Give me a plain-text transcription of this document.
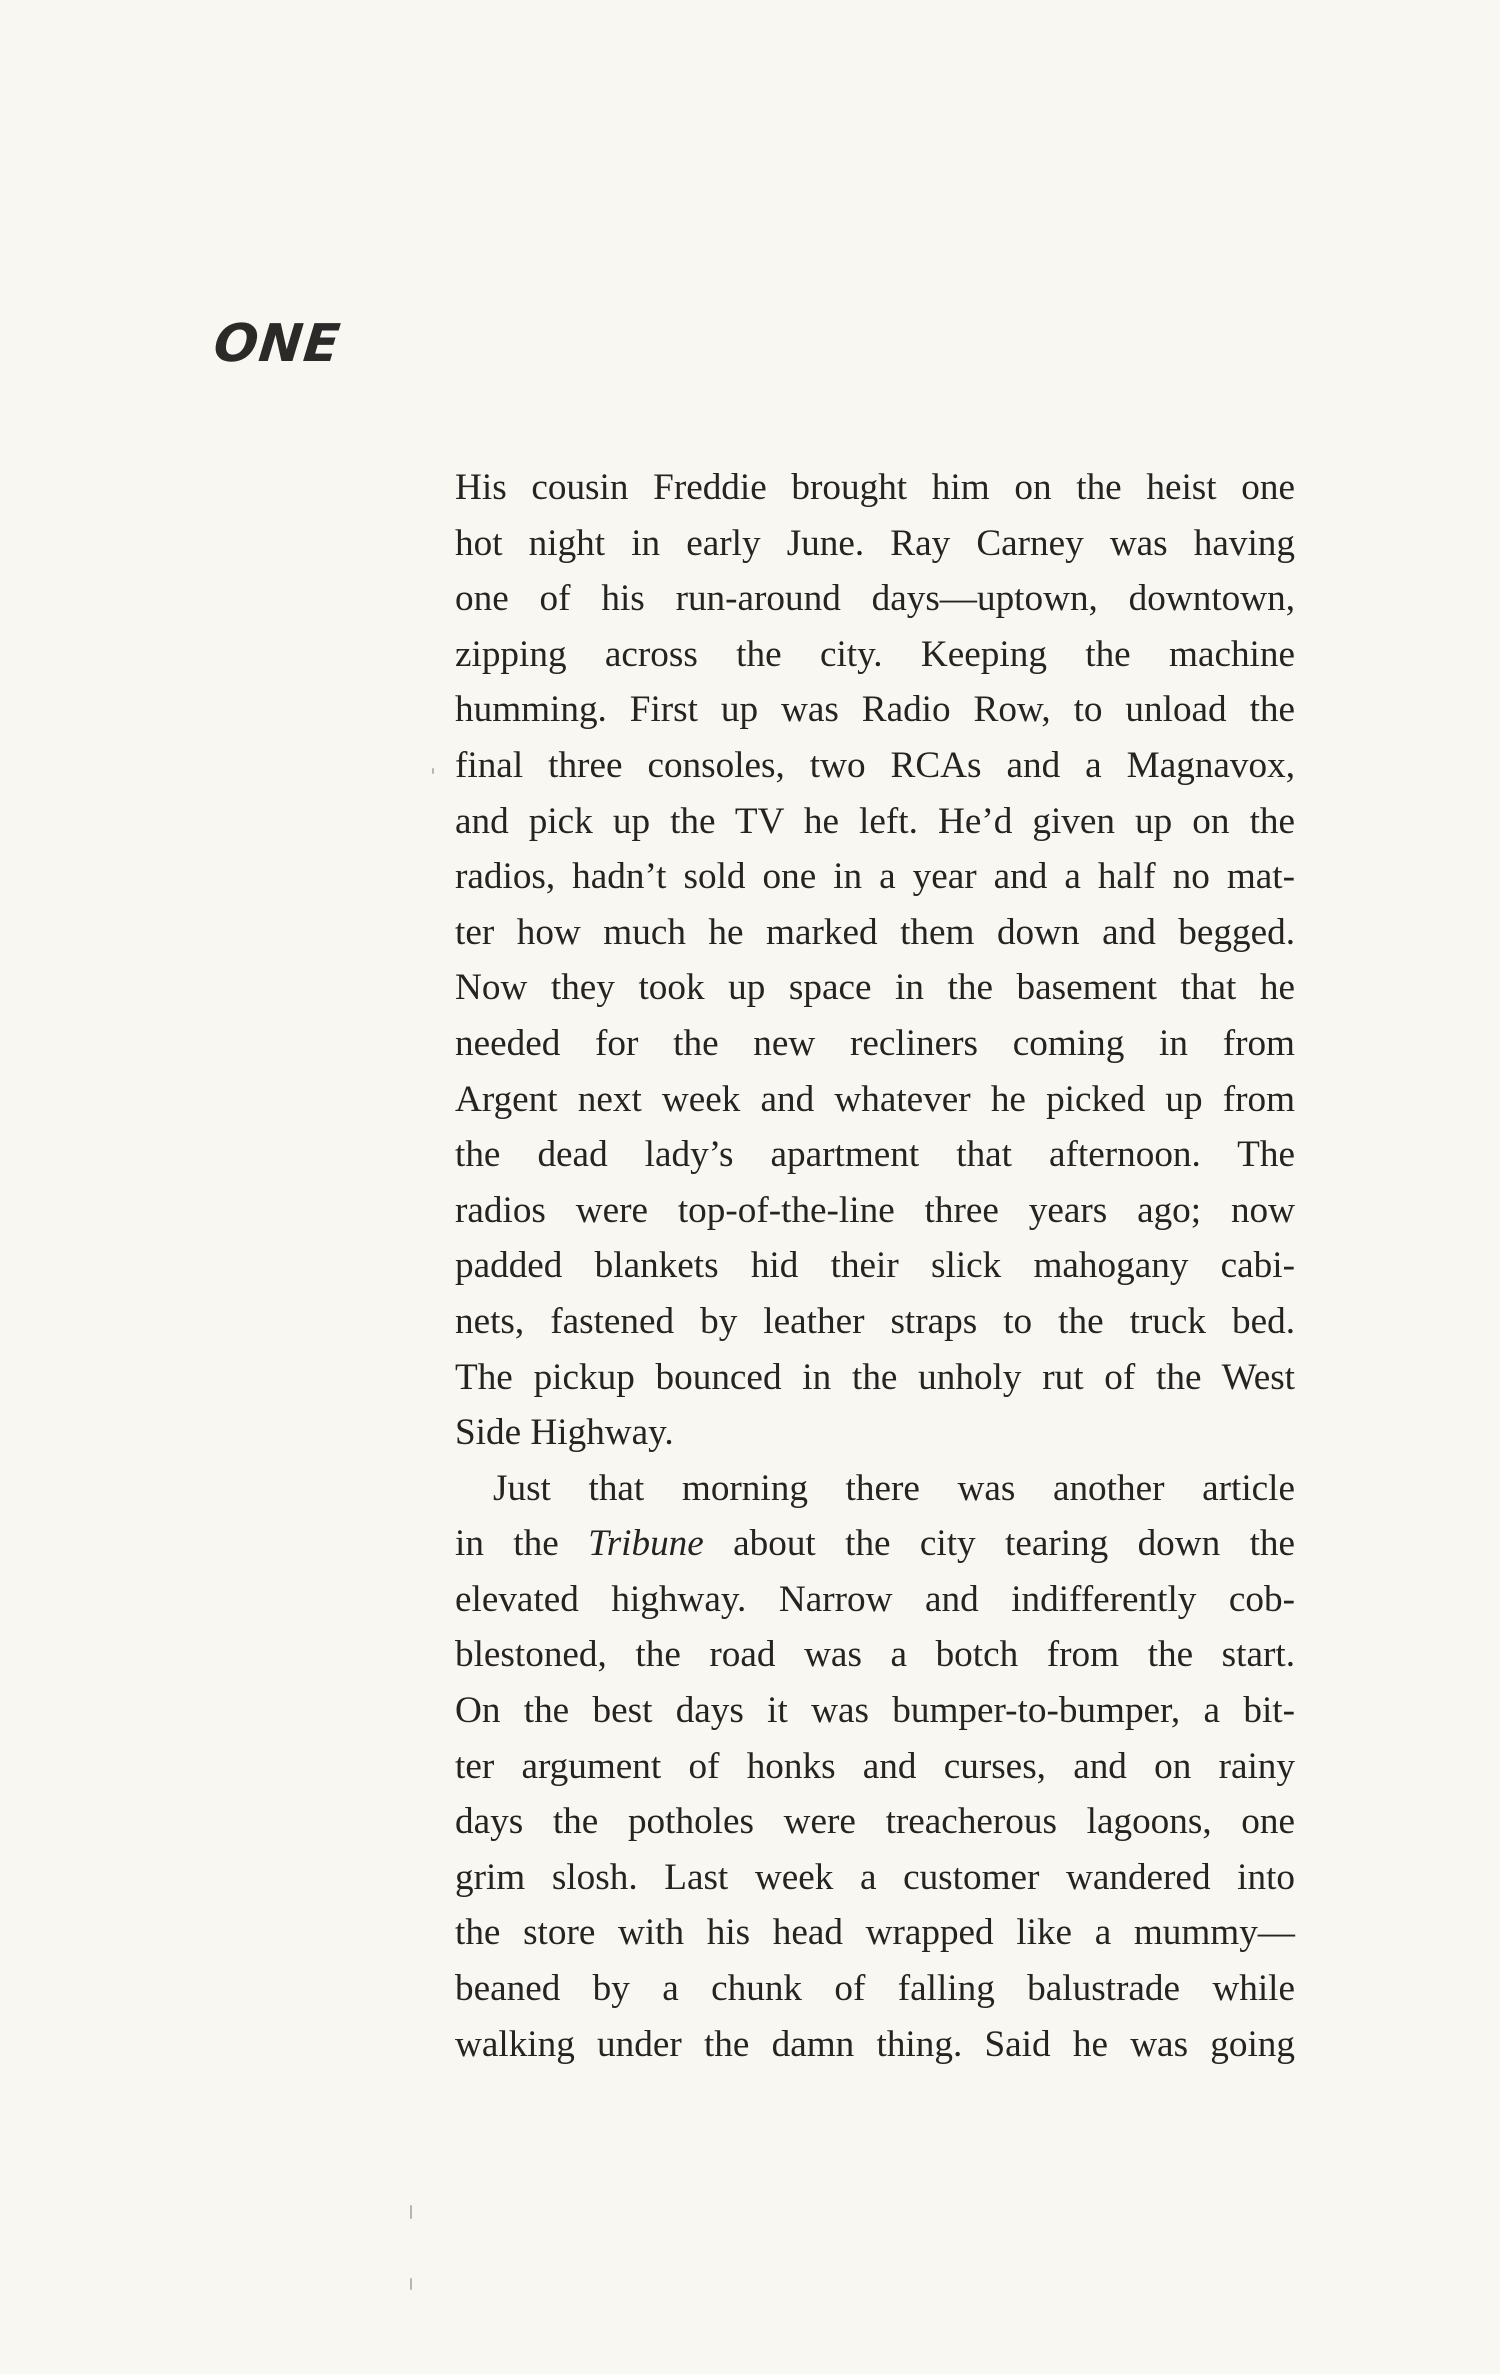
ONE
His cousin Freddie brought him on the heist one
hot night in early June. Ray Carney was having
one of his run-around days—uptown, downtown,
zipping across the city. Keeping the machine
humming. First up was Radio Row, to unload the
final three consoles, two RCAs and a Magnavox,
and pick up the TV he left. He’d given up on the
radios, hadn’t sold one in a year and a half no mat-
ter how much he marked them down and begged.
Now they took up space in the basement that he
needed for the new recliners coming in from
Argent next week and whatever he picked up from
the dead lady’s apartment that afternoon. The
radios were top-of-the-line three years ago; now
padded blankets hid their slick mahogany cabi-
nets, fastened by leather straps to the truck bed.
The pickup bounced in the unholy rut of the West
Side Highway.
Just that morning there was another article
in the Tribune about the city tearing down the
elevated highway. Narrow and indifferently cob-
blestoned, the road was a botch from the start.
On the best days it was bumper-to-bumper, a bit-
ter argument of honks and curses, and on rainy
days the potholes were treacherous lagoons, one
grim slosh. Last week a customer wandered into
the store with his head wrapped like a mummy—
beaned by a chunk of falling balustrade while
walking under the damn thing. Said he was going
